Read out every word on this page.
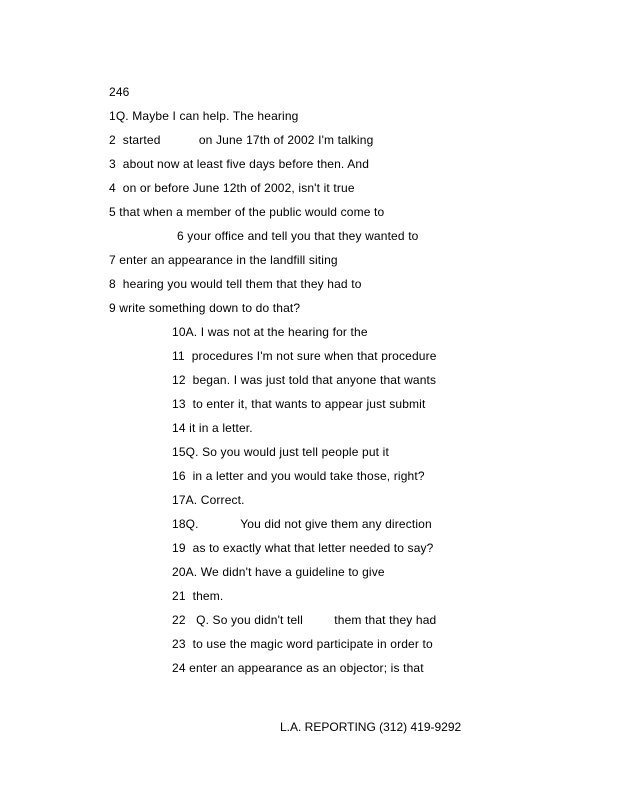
246
1Q. Maybe I can help. The hearing
2  started           on June 17th of 2002 I'm talking
3  about now at least five days before then. And
4  on or before June 12th of 2002, isn't it true
5 that when a member of the public would come to
6 your office and tell you that they wanted to
7 enter an appearance in the landfill siting
8  hearing you would tell them that they had to
9 write something down to do that?
10A. I was not at the hearing for the
11  procedures I'm not sure when that procedure
12  began. I was just told that anyone that wants
13  to enter it, that wants to appear just submit
14 it in a letter.
15Q. So you would just tell people put it
16  in a letter and you would take those, right?
17A. Correct.
18Q.            You did not give them any direction
19  as to exactly what that letter needed to say?
20A. We didn't have a guideline to give
21  them.
22   Q. So you didn't tell         them that they had
23  to use the magic word participate in order to
24 enter an appearance as an objector; is that
L.A. REPORTING (312) 419-9292
